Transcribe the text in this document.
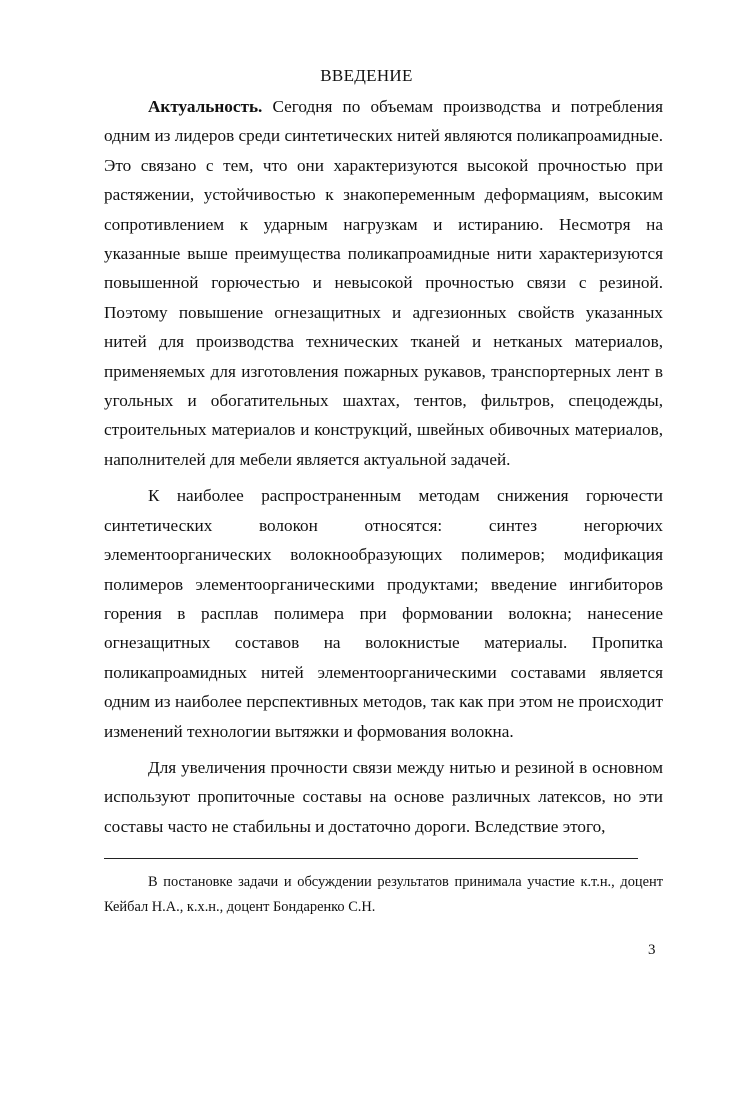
ВВЕДЕНИЕ

Актуальность. Сегодня по объемам производства и потребления одним из лидеров среди синтетических нитей являются поликапроамидные. Это связано с тем, что они характеризуются высокой прочностью при растяжении, устойчивостью к знакопеременным деформациям, высоким сопротивлением к ударным нагрузкам и истиранию. Несмотря на указанные выше преимущества поликапроамидные нити характеризуются повышенной горючестью и невысокой прочностью связи с резиной. Поэтому повышение огнезащитных и адгезионных свойств указанных нитей для производства технических тканей и нетканых материалов, применяемых для изготовления пожарных рукавов, транспортерных лент в угольных и обогатительных шахтах, тентов, фильтров, спецодежды, строительных материалов и конструкций, швейных обивочных материалов, наполнителей для мебели является актуальной задачей.

К наиболее распространенным методам снижения горючести синтетических волокон относятся: синтез негорючих элементоорганических волокнообразующих полимеров; модификация полимеров элементоорганическими продуктами; введение ингибиторов горения в расплав полимера при формовании волокна; нанесение огнезащитных составов на волокнистые материалы. Пропитка поликапроамидных нитей элементоорганическими составами является одним из наиболее перспективных методов, так как при этом не происходит изменений технологии вытяжки и формования волокна.

Для увеличения прочности связи между нитью и резиной в основном используют пропиточные составы на основе различных латексов, но эти составы часто не стабильны и достаточно дороги. Вследствие этого,

В постановке задачи и обсуждении результатов принимала участие к.т.н., доцент Кейбал Н.А., к.х.н., доцент Бондаренко С.Н.
3
